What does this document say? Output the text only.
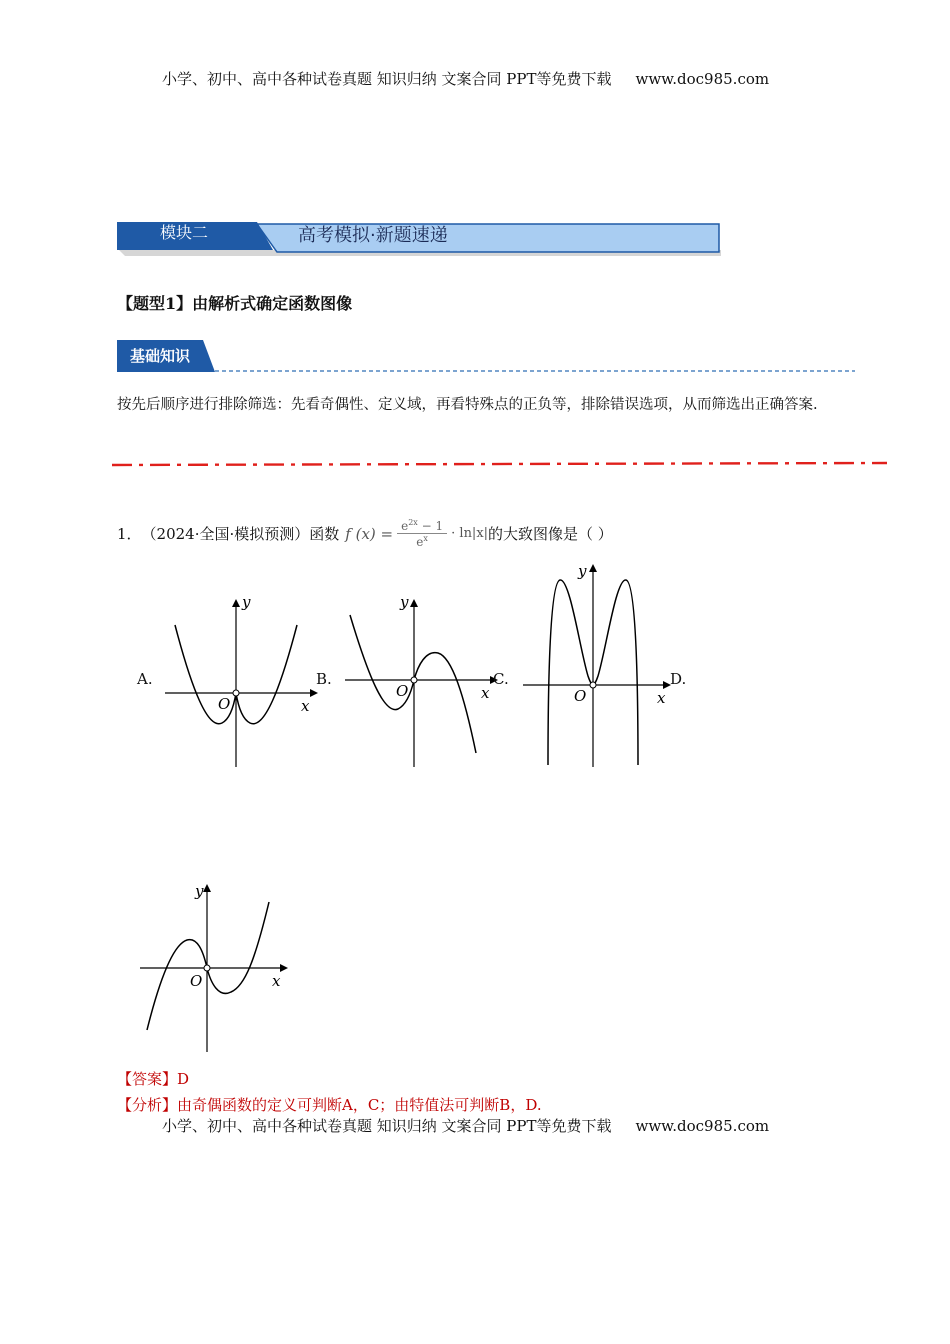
小学、初中、高中各种试卷真题 知识归纳 文案合同 PPT等免费下载 www.doc985.com
模块二	高考模拟·新题速递
【题型1】由解析式确定函数图像
基础知识
按先后顺序进行排除筛选：先看奇偶性、定义域，再看特殊点的正负等，排除错误选项，从而筛选出正确答案.
1． （2024·全国·模拟预测）函数 f $(x) = \frac{e^{2x} - 1}{e^x} \cdot \ln|x|$ 的大致图像是（ ）
A.
y
x
O
B.
y
x
O
C.
y
x
O
D.
y
x
O
【答案】D
【分析】由奇偶函数的定义可判断A，C；由特值法可判断B，D.
小学、初中、高中各种试卷真题 知识归纳 文案合同 PPT等免费下载 www.doc985.com
